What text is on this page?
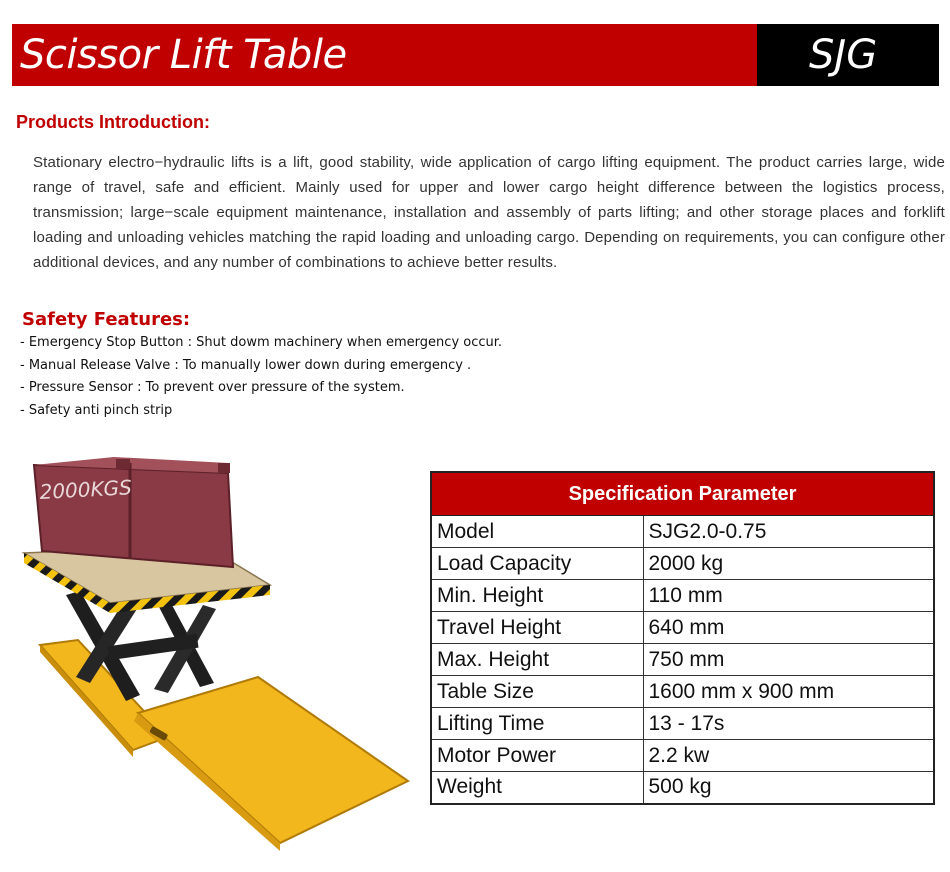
Scissor Lift Table	SJG
Products Introduction:
Stationary electro−hydraulic lifts is a lift, good stability, wide application of cargo lifting equipment. The product carries large, wide range of travel, safe and efficient. Mainly used for upper and lower cargo height difference between the logistics process, transmission; large−scale equipment maintenance, installation and assembly of parts lifting; and other storage places and forklift loading and unloading vehicles matching the rapid loading and unloading cargo. Depending on requirements, you can configure other additional devices, and any number of combinations to achieve better results.
Safety Features:
- Emergency Stop Button : Shut dowm machinery when emergency occur.
- Manual Release Valve : To manually lower down during emergency .
- Pressure Sensor : To prevent over pressure of the system.
- Safety anti pinch strip
2000KGS	Specification Parameter	
Model	SJG2.0-0.75
Load Capacity	2000 kg
Min. Height	110 mm
Travel Height	640 mm
Max. Height	750 mm
Table Size	1600 mm x 900 mm
Lifting Time	13 - 17s
Motor Power	2.2 kw
Weight	500 kg
